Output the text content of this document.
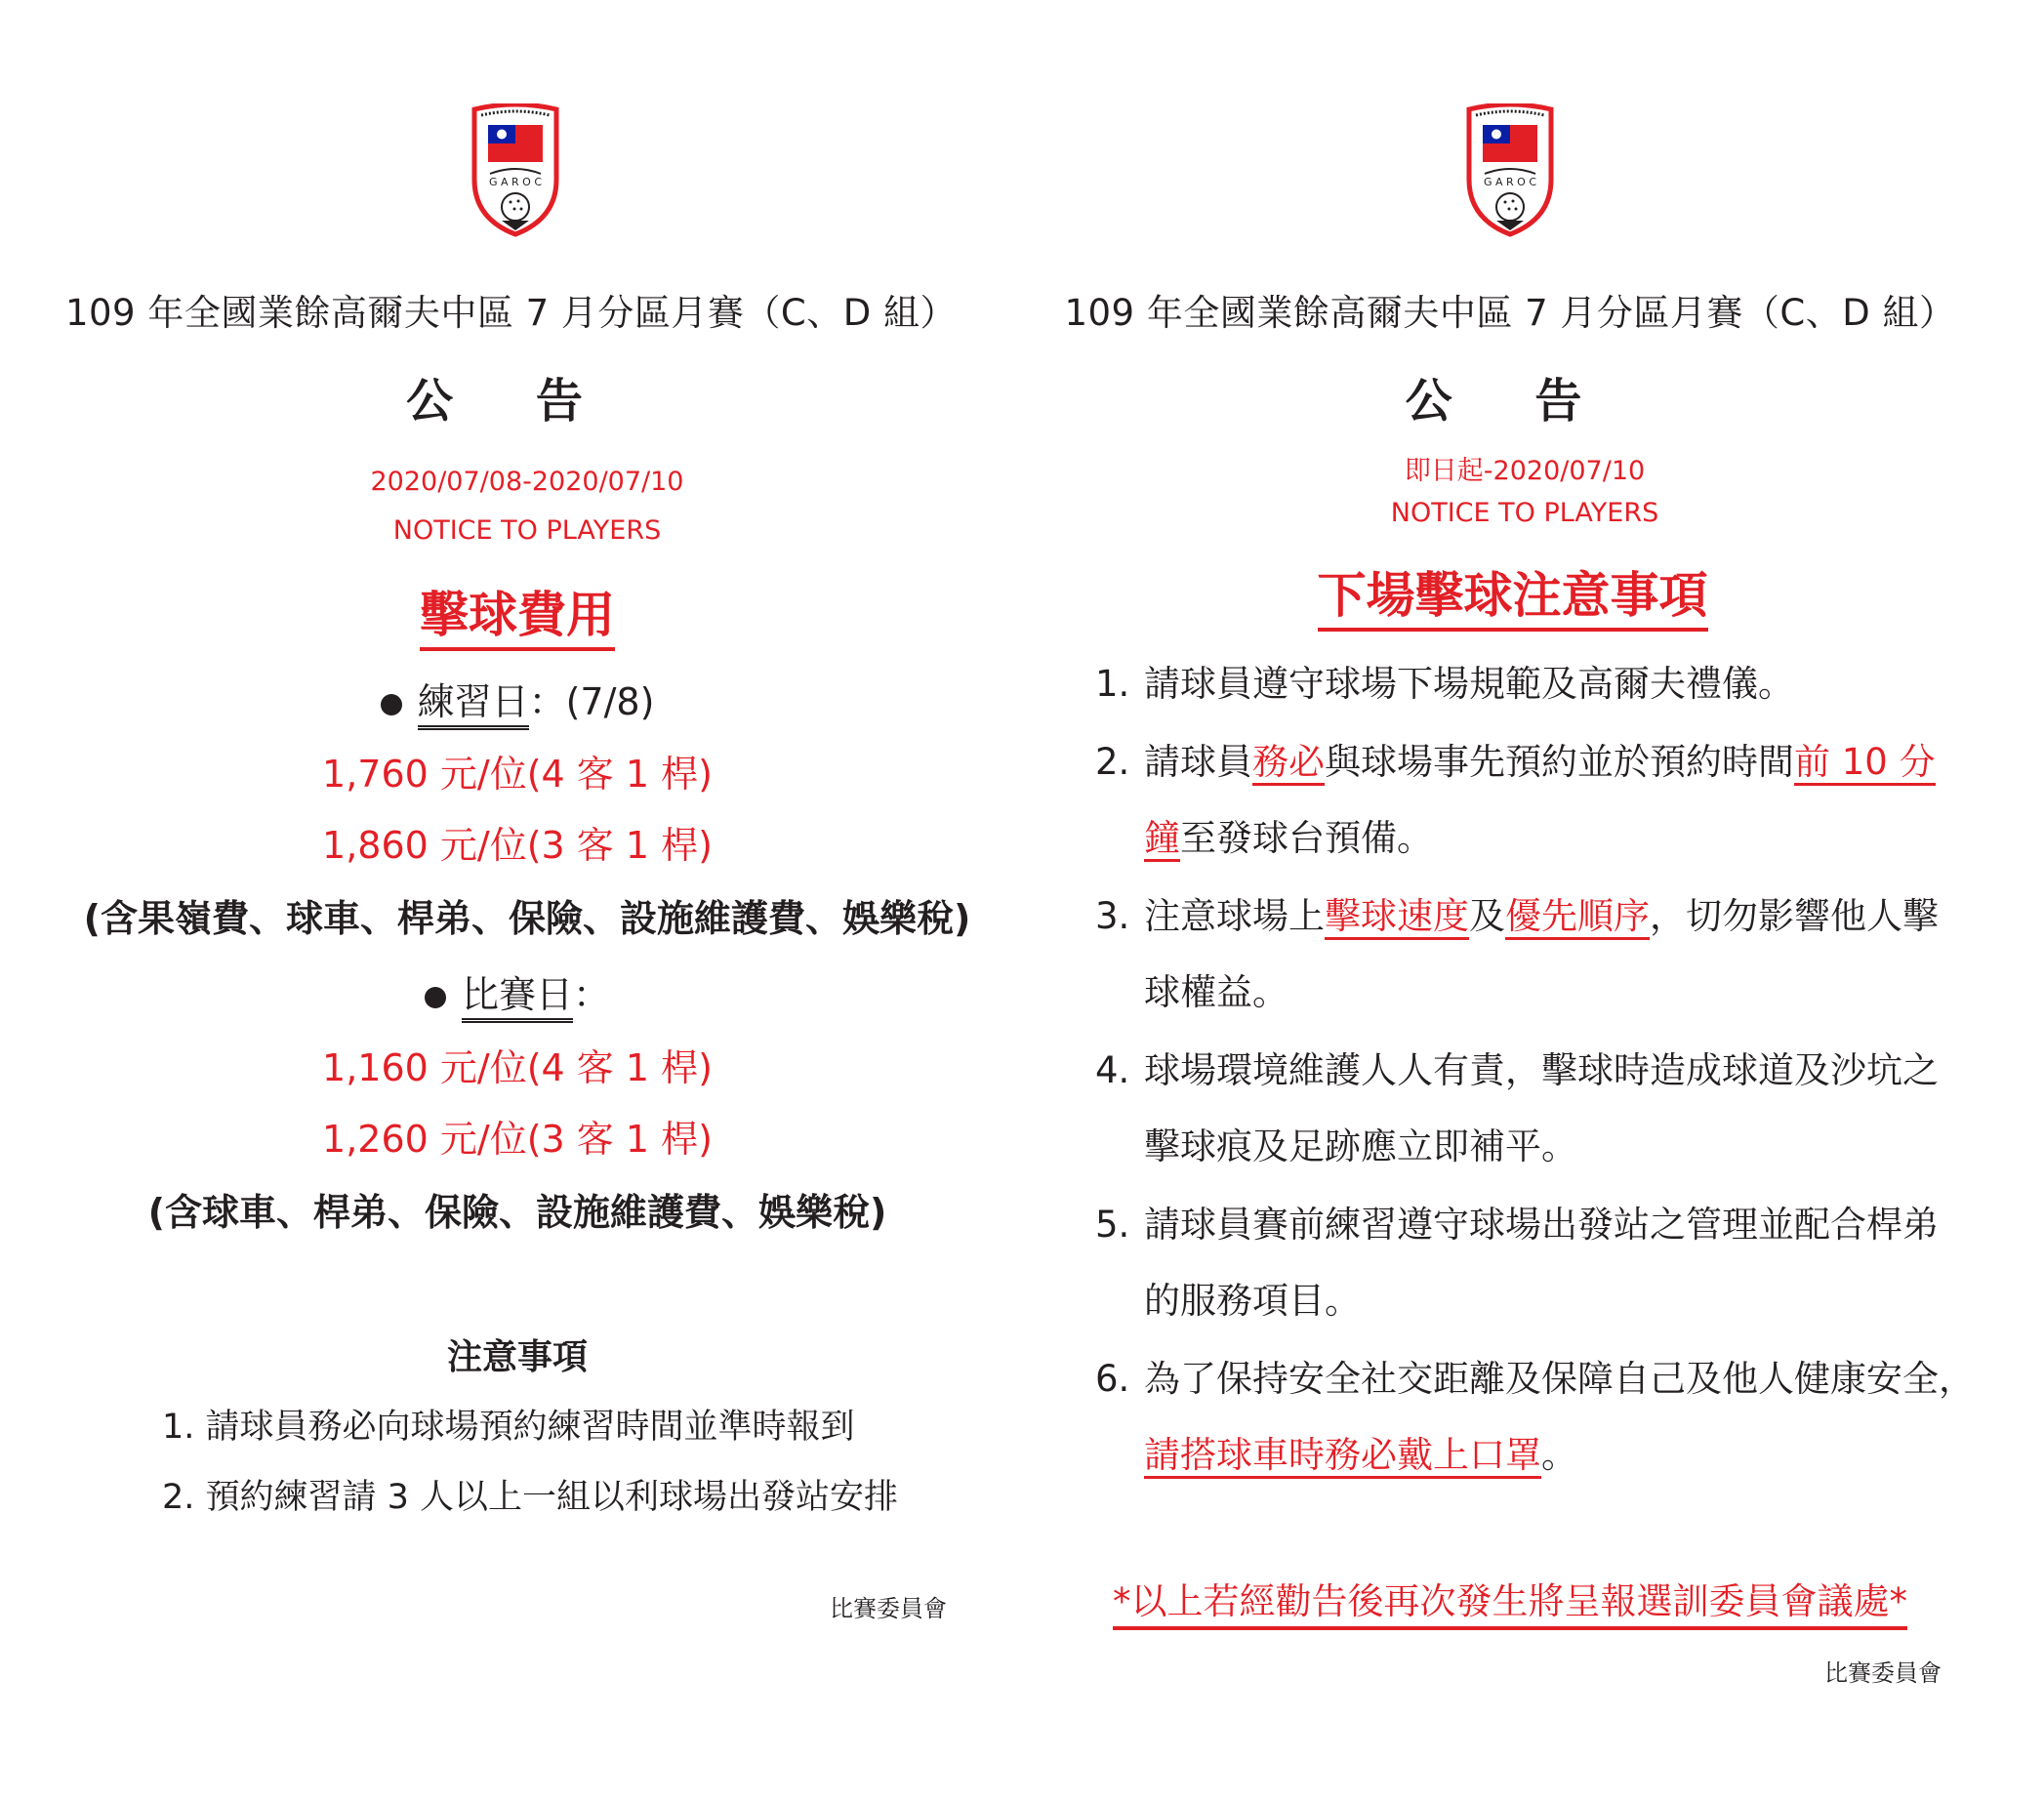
G A R O C
109 年全國業餘高爾夫中區 7 月分區月賽（C、D 組）
公 告
2020/07/08-2020/07/10
NOTICE TO PLAYERS
擊球費用
練習日：(7/8)
1,760 元/位(4 客 1 桿)
1,860 元/位(3 客 1 桿)
(含果嶺費、球車、桿弟、保險、設施維護費、娛樂稅)
比賽日：
1,160 元/位(4 客 1 桿)
1,260 元/位(3 客 1 桿)
(含球車、桿弟、保險、設施維護費、娛樂稅)
注意事項
1. 請球員務必向球場預約練習時間並準時報到
2. 預約練習請 3 人以上一組以利球場出發站安排
比賽委員會
G A R O C
109 年全國業餘高爾夫中區 7 月分區月賽（C、D 組）
公 告
即日起-2020/07/10
NOTICE TO PLAYERS
下場擊球注意事項
1. 請球員遵守球場下場規範及高爾夫禮儀。
2. 請球員務必與球場事先預約並於預約時間前 10 分
鐘至發球台預備。
3. 注意球場上擊球速度及優先順序，切勿影響他人擊
球權益。
4. 球場環境維護人人有責，擊球時造成球道及沙坑之
擊球痕及足跡應立即補平。
5. 請球員賽前練習遵守球場出發站之管理並配合桿弟
的服務項目。
6. 為了保持安全社交距離及保障自己及他人健康安全，
請搭球車時務必戴上口罩。
*以上若經勸告後再次發生將呈報選訓委員會議處*
比賽委員會
